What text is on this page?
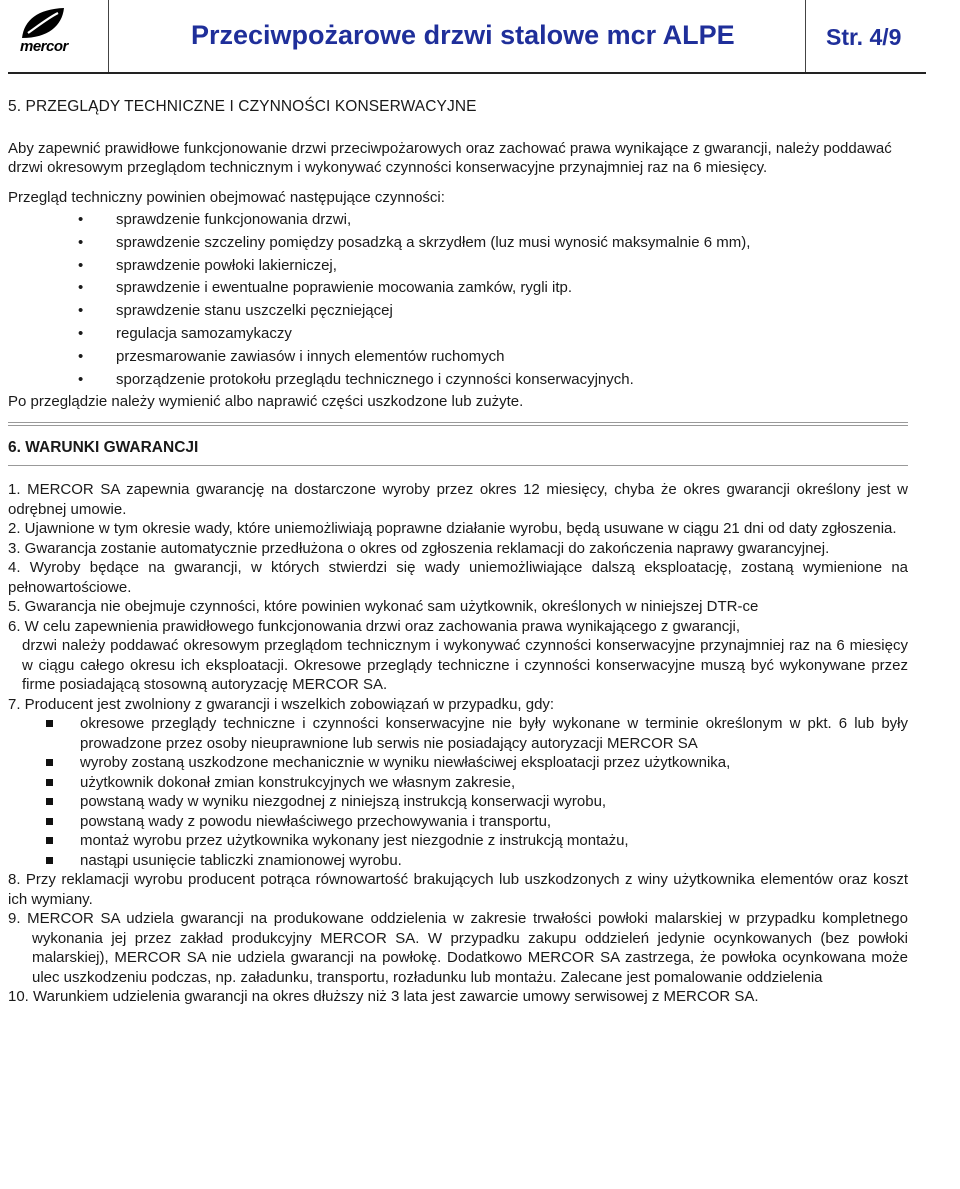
mercor	Przeciwpożarowe drzwi stalowe mcr ALPE	Str. 4/9
5. PRZEGLĄDY TECHNICZNE I CZYNNOŚCI KONSERWACYJNE

Aby zapewnić prawidłowe funkcjonowanie drzwi przeciwpożarowych oraz zachować prawa wynikające z gwarancji, należy poddawać drzwi okresowym przeglądom technicznym i wykonywać czynności konserwacyjne przynajmniej raz na 6 miesięcy.

Przegląd techniczny powinien obejmować następujące czynności:

• sprawdzenie funkcjonowania drzwi,
• sprawdzenie szczeliny pomiędzy posadzką a skrzydłem (luz musi wynosić maksymalnie 6 mm),
• sprawdzenie powłoki lakierniczej,
• sprawdzenie i ewentualne poprawienie mocowania zamków, rygli itp.
• sprawdzenie stanu uszczelki pęczniejącej
• regulacja samozamykaczy
• przesmarowanie zawiasów i innych elementów ruchomych
• sporządzenie protokołu przeglądu technicznego i czynności konserwacyjnych.

Po przeglądzie należy wymienić albo naprawić części uszkodzone lub zużyte.

6. WARUNKI GWARANCJI

1. MERCOR SA zapewnia gwarancję na dostarczone wyroby przez okres 12 miesięcy, chyba że okres gwarancji określony jest w odrębnej umowie.

2. Ujawnione w tym okresie wady, które uniemożliwiają poprawne działanie wyrobu, będą usuwane w ciągu 21 dni od daty zgłoszenia.

3. Gwarancja zostanie automatycznie przedłużona o okres od zgłoszenia reklamacji do zakończenia naprawy gwarancyjnej.

4. Wyroby będące na gwarancji, w których stwierdzi się wady uniemożliwiające dalszą eksploatację, zostaną wymienione na pełnowartościowe.

5. Gwarancja nie obejmuje czynności, które powinien wykonać sam użytkownik, określonych w niniejszej DTR-ce

6. W celu zapewnienia prawidłowego funkcjonowania drzwi oraz zachowania prawa wynikającego z gwarancji,

drzwi należy poddawać okresowym przeglądom technicznym i wykonywać czynności konserwacyjne przynajmniej raz na 6 miesięcy w ciągu całego okresu ich eksploatacji. Okresowe przeglądy techniczne i czynności konserwacyjne muszą być wykonywane przez firme posiadającą stosowną autoryzację MERCOR SA.

7. Producent jest zwolniony z gwarancji i wszelkich zobowiązań w przypadku, gdy:

okresowe przeglądy techniczne i czynności konserwacyjne nie były wykonane w terminie określonym w pkt. 6 lub były prowadzone przez osoby nieuprawnione lub serwis nie posiadający autoryzacji MERCOR SA
wyroby zostaną uszkodzone mechanicznie w wyniku niewłaściwej eksploatacji przez użytkownika,
użytkownik dokonał zmian konstrukcyjnych we własnym zakresie,
powstaną wady w wyniku niezgodnej z niniejszą instrukcją konserwacji wyrobu,
powstaną wady z powodu niewłaściwego przechowywania i transportu,
montaż wyrobu przez użytkownika wykonany jest niezgodnie z instrukcją montażu,
nastąpi usunięcie tabliczki znamionowej wyrobu.

8. Przy reklamacji wyrobu producent potrąca równowartość brakujących lub uszkodzonych z winy użytkownika elementów oraz koszt ich wymiany.

9. MERCOR SA udziela gwarancji na produkowane oddzielenia w zakresie trwałości powłoki malarskiej w przypadku kompletnego wykonania jej przez zakład produkcyjny MERCOR SA. W przypadku zakupu oddzieleń jedynie ocynkowanych (bez powłoki malarskiej), MERCOR SA nie udziela gwarancji na powłokę. Dodatkowo MERCOR SA zastrzega, że powłoka ocynkowana może ulec uszkodzeniu podczas, np. załadunku, transportu, rozładunku lub montażu. Zalecane jest pomalowanie oddzielenia

10. Warunkiem udzielenia gwarancji na okres dłuższy niż 3 lata jest zawarcie umowy serwisowej z MERCOR SA.
